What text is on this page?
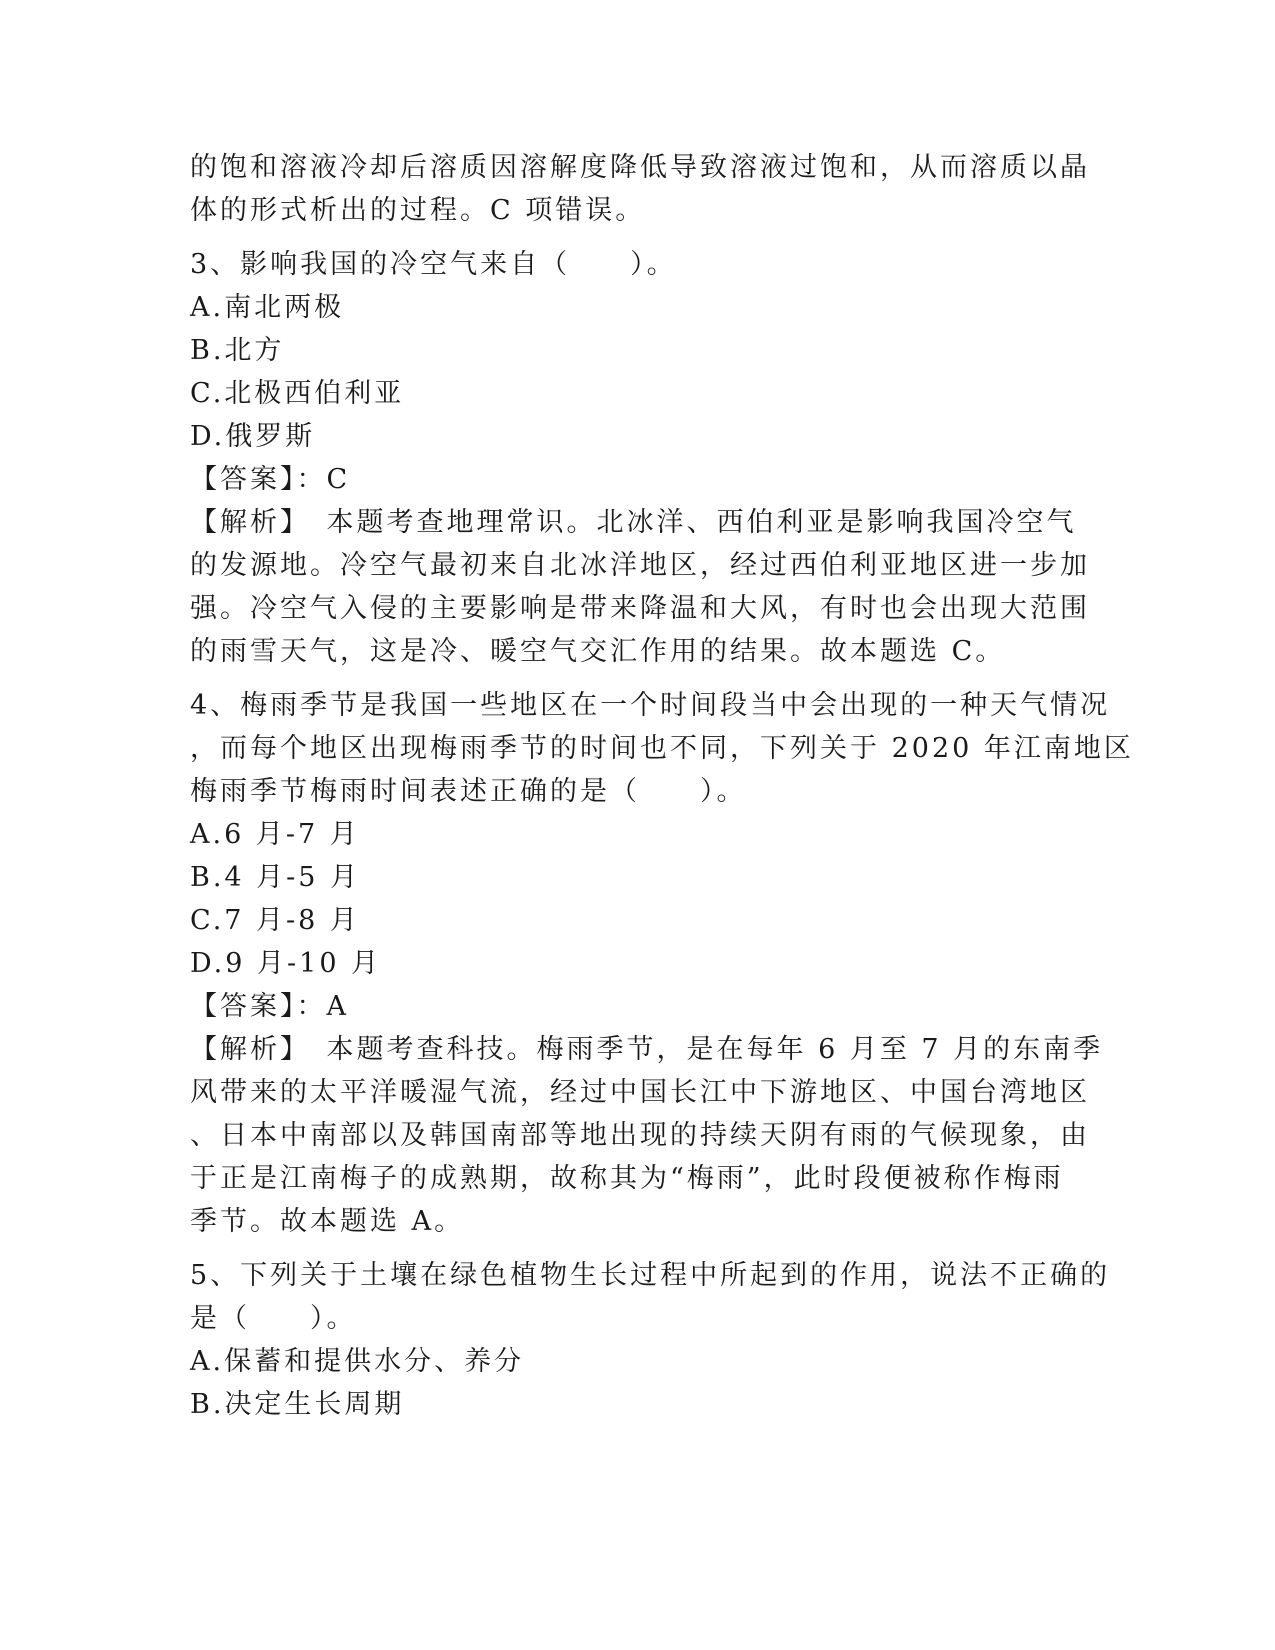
的饱和溶液冷却后溶质因溶解度降低导致溶液过饱和，从而溶质以晶
体的形式析出的过程。C 项错误。
3、影响我国的冷空气来自（　　）。
A.南北两极
B.北方
C.北极西伯利亚
D.俄罗斯
【答案】：C
【解析】　本题考查地理常识。北冰洋、西伯利亚是影响我国冷空气
的发源地。冷空气最初来自北冰洋地区，经过西伯利亚地区进一步加
强。冷空气入侵的主要影响是带来降温和大风，有时也会出现大范围
的雨雪天气，这是冷、暖空气交汇作用的结果。故本题选 C。
4、梅雨季节是我国一些地区在一个时间段当中会出现的一种天气情况
，而每个地区出现梅雨季节的时间也不同，下列关于 2020 年江南地区
梅雨季节梅雨时间表述正确的是（　　）。
A.6 月-7 月
B.4 月-5 月
C.7 月-8 月
D.9 月-10 月
【答案】：A
【解析】　本题考查科技。梅雨季节，是在每年 6 月至 7 月的东南季
风带来的太平洋暖湿气流，经过中国长江中下游地区、中国台湾地区
、日本中南部以及韩国南部等地出现的持续天阴有雨的气候现象，由
于正是江南梅子的成熟期，故称其为“梅雨”，此时段便被称作梅雨
季节。故本题选 A。
5、下列关于土壤在绿色植物生长过程中所起到的作用，说法不正确的
是（　　）。
A.保蓄和提供水分、养分
B.决定生长周期
